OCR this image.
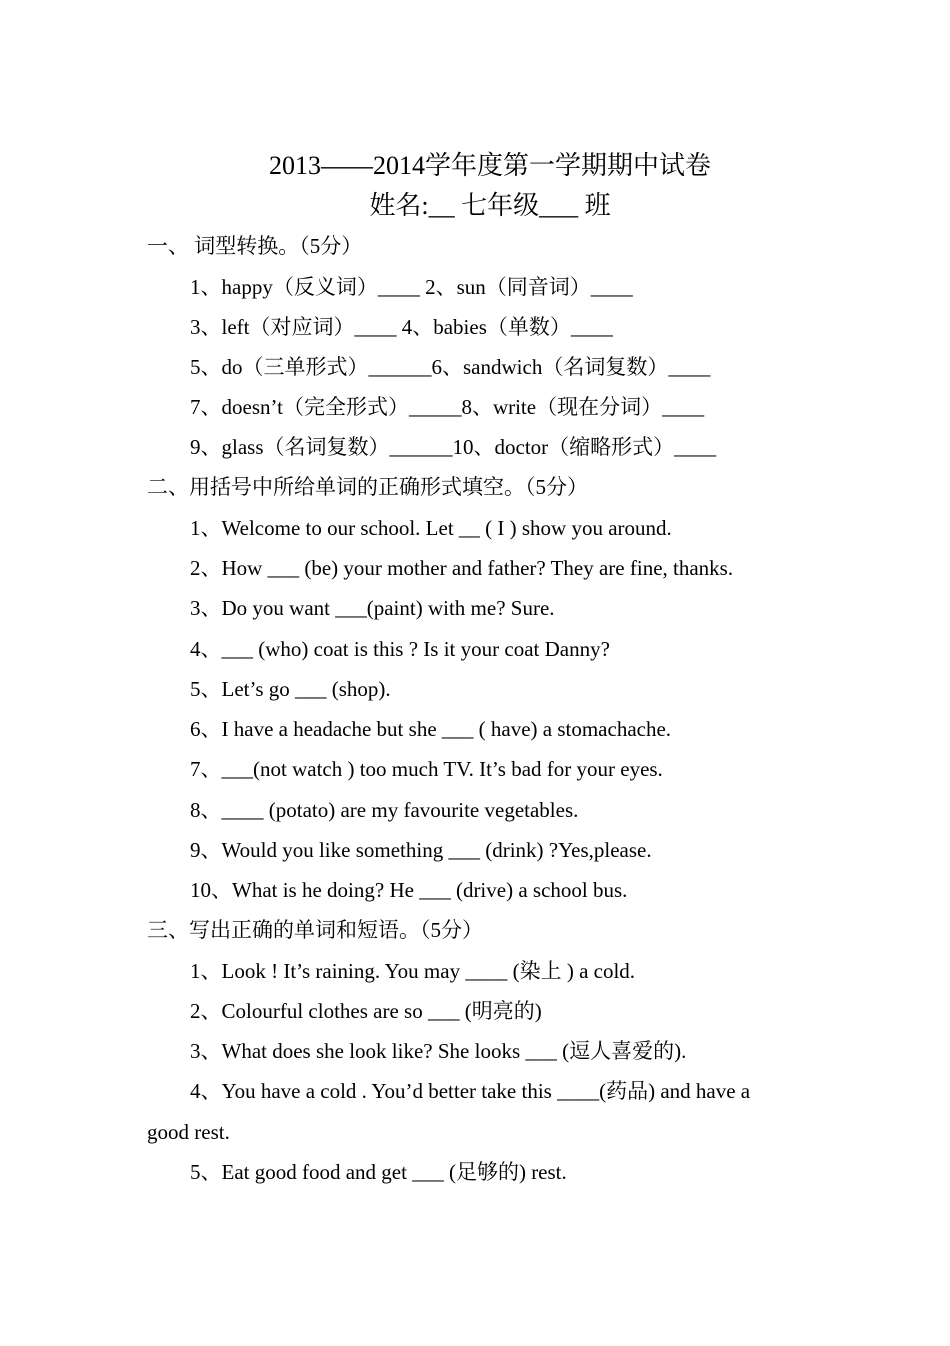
2013——2014学年度第一学期期中试卷
姓名:__ 七年级___ 班
一、 词型转换。（5分）
1、happy（反义词）____ 2、sun（同音词）____
3、left（对应词）____ 4、babies（单数）____
5、do（三单形式）______6、sandwich（名词复数）____
7、doesn’t（完全形式）_____8、write（现在分词）____
9、glass（名词复数）______10、doctor（缩略形式）____
二、用括号中所给单词的正确形式填空。（5分）
1、Welcome to our school. Let __ ( I ) show you around.
2、How ___ (be) your mother and father? They are fine, thanks.
3、Do you want ___(paint) with me? Sure.
4、___ (who) coat is this ? Is it your coat Danny?
5、Let’s go ___ (shop).
6、I have a headache but she ___ ( have) a stomachache.
7、___(not watch ) too much TV. It’s bad for your eyes.
8、____ (potato) are my favourite vegetables.
9、Would you like something ___ (drink) ?Yes,please.
10、What is he doing? He ___ (drive) a school bus.
三、写出正确的单词和短语。（5分）
1、Look ! It’s raining. You may ____ (染上 ) a cold.
2、Colourful clothes are so ___ (明亮的)
3、What does she look like? She looks ___ (逗人喜爱的).
4、You have a cold . You’d better take this ____(药品) and have a
good rest.
5、Eat good food and get ___ (足够的) rest.
